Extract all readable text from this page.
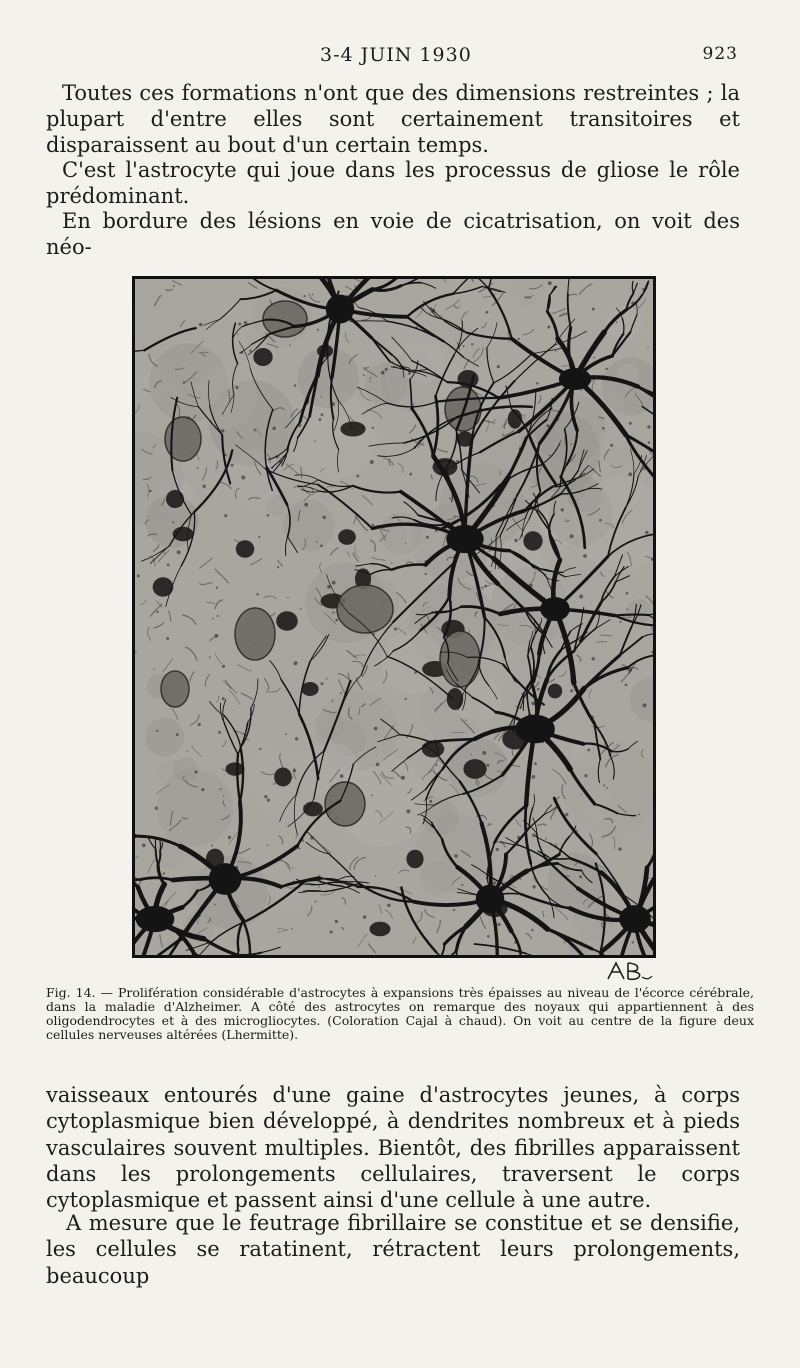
3-4 JUIN 1930	923

Toutes ces formations n'ont que des dimensions restreintes ; la plupart d'entre elles sont certainement transitoires et disparaissent au bout d'un certain temps.

C'est l'astrocyte qui joue dans les processus de gliose le rôle prédominant.

En bordure des lésions en voie de cicatrisation, on voit des néo-

Fig. 14. — Prolifération considérable d'astrocytes à expansions très épaisses au niveau de l'écorce cérébrale, dans la maladie d'Alzheimer. A côté des astrocytes on remarque des noyaux qui appartiennent à des oligodendrocytes et à des microgliocytes. (Coloration Cajal à chaud). On voit au centre de la figure deux cellules nerveuses altérées (Lhermitte).

vaisseaux entourés d'une gaine d'astrocytes jeunes, à corps cytoplasmique bien développé, à dendrites nombreux et à pieds vasculaires souvent multiples. Bientôt, des fibrilles apparaissent dans les prolongements cellulaires, traversent le corps cytoplasmique et passent ainsi d'une cellule à une autre.

A mesure que le feutrage fibrillaire se constitue et se densifie, les cellules se ratatinent, rétractent leurs prolongements, beaucoup
